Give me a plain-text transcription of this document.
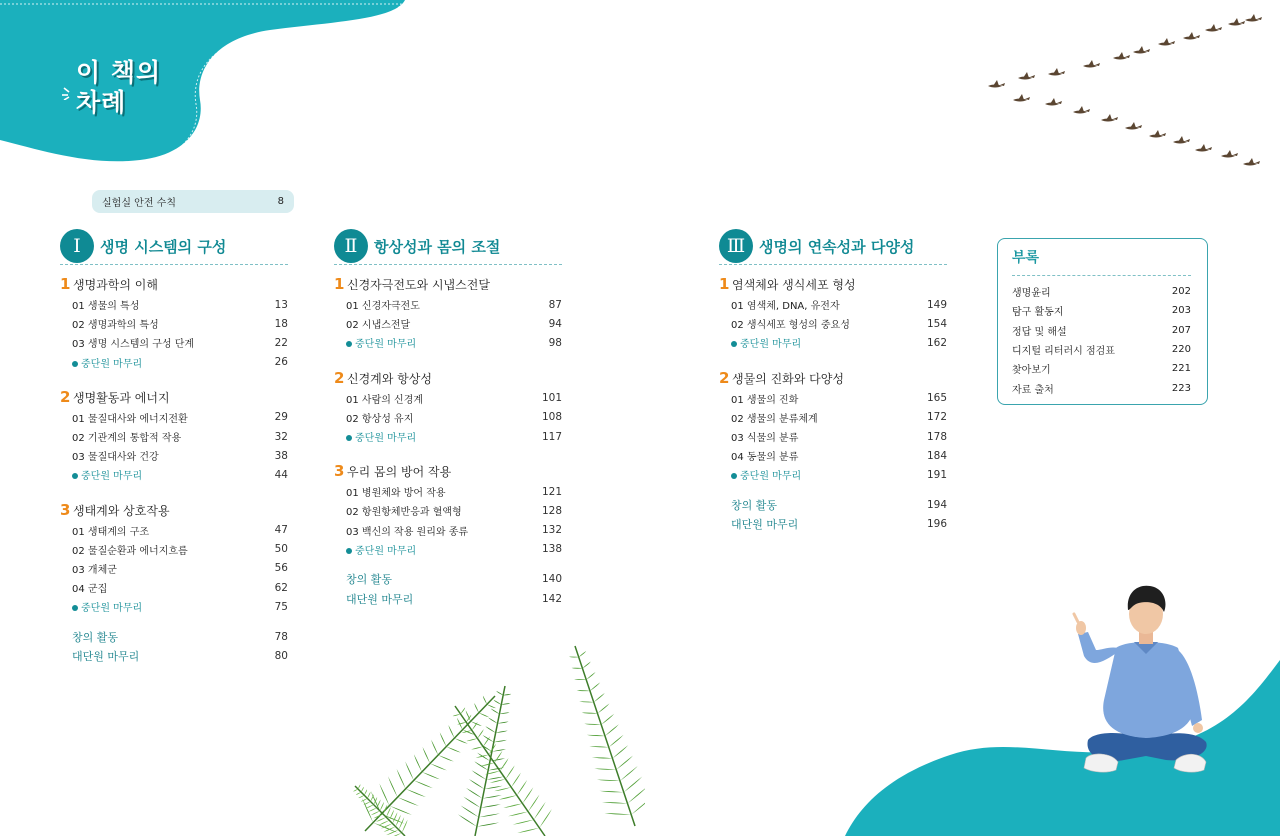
이 책의
차례
실험실 안전 수칙	8
Ⅰ	생명 시스템의 구성
1 생명과학의 이해
01 생물의 특성	13
02 생명과학의 특성	18
03 생명 시스템의 구성 단계	22
중단원 마무리	26
2 생명활동과 에너지
01 물질대사와 에너지전환	29
02 기관계의 통합적 작용	32
03 물질대사와 건강	38
중단원 마무리	44
3 생태계와 상호작용
01 생태계의 구조	47
02 물질순환과 에너지흐름	50
03 개체군	56
04 군집	62
중단원 마무리	75
창의 활동	78
대단원 마무리	80
Ⅱ	항상성과 몸의 조절
1 신경자극전도와 시냅스전달
01 신경자극전도	87
02 시냅스전달	94
중단원 마무리	98
2 신경계와 항상성
01 사람의 신경계	101
02 항상성 유지	108
중단원 마무리	117
3 우리 몸의 방어 작용
01 병원체와 방어 작용	121
02 항원항체반응과 혈액형	128
03 백신의 작용 원리와 종류	132
중단원 마무리	138
창의 활동	140
대단원 마무리	142
Ⅲ 생명의 연속성과 다양성
1 염색체와 생식세포 형성
01 염색체, DNA, 유전자	149
02 생식세포 형성의 중요성	154
중단원 마무리	162
2 생물의 진화와 다양성
01 생물의 진화	165
02 생물의 분류체계	172
03 식물의 분류	178
04 동물의 분류	184
중단원 마무리	191
창의 활동	194
대단원 마무리	196
부록
생명윤리	202
탐구 활동지	203
정답 및 해설	207
디지털 리터러시 점검표	220
찾아보기	221
자료 출처	223
